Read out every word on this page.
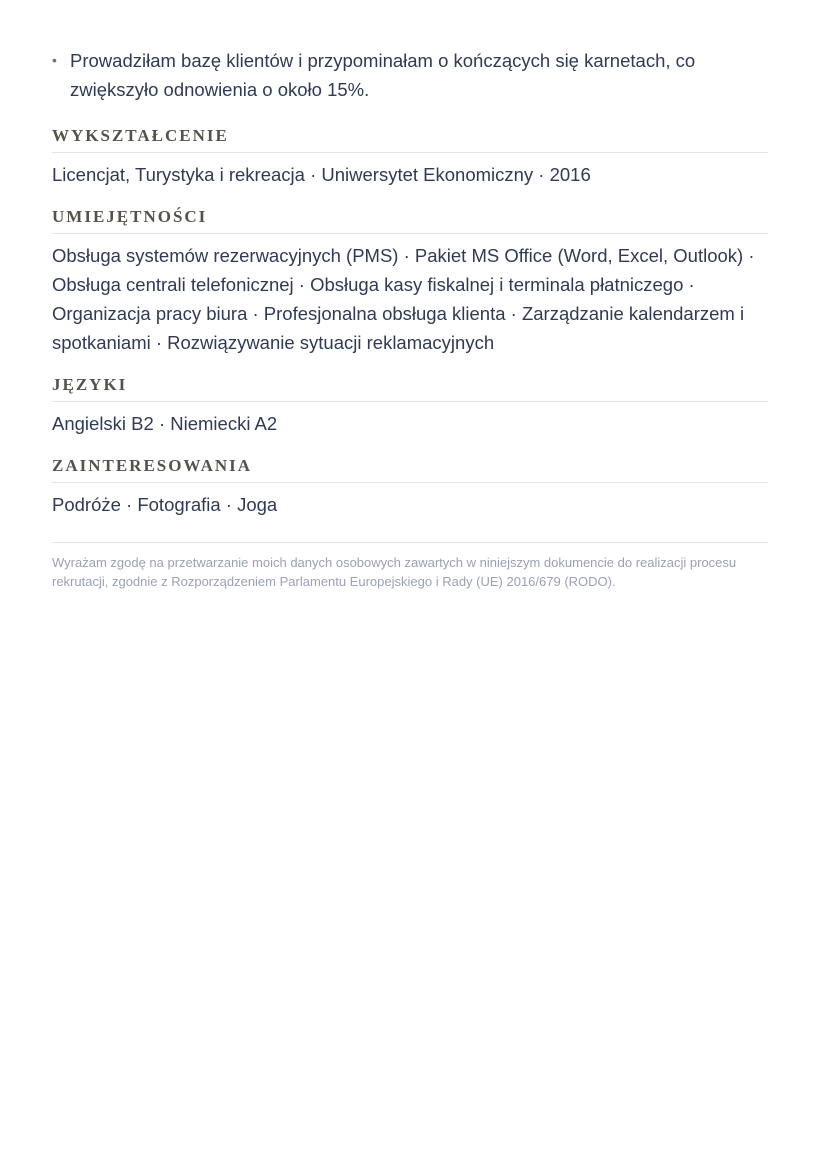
• Prowadziłam bazę klientów i przypominałam o kończących się karnetach, co zwiększyło odnowienia o około 15%.
WYKSZTAŁCENIE

Licencjat, Turystyka i rekreacja · Uniwersytet Ekonomiczny · 2016

UMIEJĘTNOŚCI

Obsługa systemów rezerwacyjnych (PMS) · Pakiet MS Office (Word, Excel, Outlook) · Obsługa centrali telefonicznej · Obsługa kasy fiskalnej i terminala płatniczego · Organizacja pracy biura · Profesjonalna obsługa klienta · Zarządzanie kalendarzem i spotkaniami · Rozwiązywanie sytuacji reklamacyjnych

JĘZYKI

Angielski B2 · Niemiecki A2

ZAINTERESOWANIA

Podróże · Fotografia · Joga

Wyrażam zgodę na przetwarzanie moich danych osobowych zawartych w niniejszym dokumencie do realizacji procesu rekrutacji, zgodnie z Rozporządzeniem Parlamentu Europejskiego i Rady (UE) 2016/679 (RODO).
